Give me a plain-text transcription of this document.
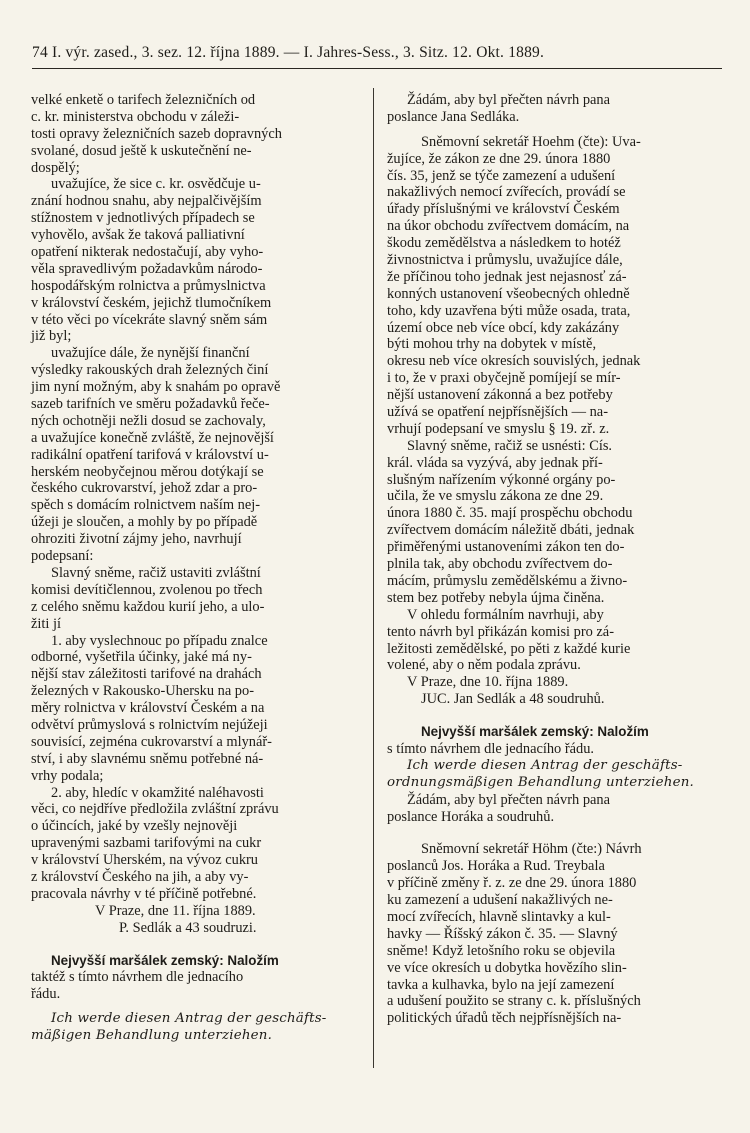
74 I. výr. zased., 3. sez. 12. října 1889. — I. Jahres-Sess., 3. Sitz. 12. Okt. 1889.
velké enketě o tarifech železničních od
c. kr. ministerstva obchodu v záleži-
tosti opravy železničních sazeb dopravných
svolané, dosud ještě k uskutečnění ne-
dospělý;
uvažujíce, že sice c. kr. osvědčuje u-
znání hodnou snahu, aby nejpalčivějším
stížnostem v jednotlivých případech se
vyhovělo, avšak že taková palliativní
opatření nikterak nedostačují, aby vyho-
věla spravedlivým požadavkům národo-
hospodářským rolnictva a průmyslnictva
v království českém, jejichž tlumočníkem
v této věci po vícekráte slavný sněm sám
již byl;
uvažujíce dále, že nynější finanční
výsledky rakouských drah železných činí
jim nyní možným, aby k snahám po opravě
sazeb tarifních ve směru požadavků řeče-
ných ochotněji nežli dosud se zachovaly,
a uvažujíce konečně zvláště, že nejnovější
radikální opatření tarifová v království u-
herském neobyčejnou měrou dotýkají se
českého cukrovarství, jehož zdar a pro-
spěch s domácím rolnictvem naším nej-
úžeji je sloučen, a mohly by po případě
ohroziti životní zájmy jeho, navrhují
podepsaní:
Slavný sněme, račiž ustaviti zvláštní
komisi devítičlennou, zvolenou po třech
z celého sněmu každou kurií jeho, a ulo-
žiti jí
1. aby vyslechnouc po případu znalce
odborné, vyšetřila účinky, jaké má ny-
nější stav záležitosti tarifové na drahách
železných v Rakousko-Uhersku na po-
měry rolnictva v království Českém a na
odvětví průmyslová s rolnictvím nejúžeji
souvisící, zejména cukrovarství a mlynář-
ství, i aby slavnému sněmu potřebné ná-
vrhy podala;
2. aby, hledíc v okamžité naléhavosti
věci, co nejdříve předložila zvláštní zprávu
o účincích, jaké by vzešly nejnověji
upravenými sazbami tarifovými na cukr
v království Uherském, na vývoz cukru
z království Českého na jih, a aby vy-
pracovala návrhy v té příčině potřebné.
V Praze, dne 11. října 1889.
P. Sedlák a 43 soudruzi.
Nejvyšší maršálek zemský: Naložím
taktéž s tímto návrhem dle jednacího
řádu.
Ich werde diesen Antrag der geschäfts-
mäßigen Behandlung unterziehen.
Žádám, aby byl přečten návrh pana
poslance Jana Sedláka.
Sněmovní sekretář Hoehm (čte): Uva-
žujíce, že zákon ze dne 29. února 1880
čís. 35, jenž se týče zamezení a udušení
nakažlivých nemocí zvířecích, provádí se
úřady příslušnými ve království Českém
na úkor obchodu zvířectvem domácím, na
škodu zemědělstva a následkem to hotéž
živnostnictva i průmyslu, uvažujíce dále,
že příčinou toho jednak jest nejasnosť zá-
konných ustanovení všeobecných ohledně
toho, kdy uzavřena býti může osada, trata,
území obce neb více obcí, kdy zakázány
býti mohou trhy na dobytek v místě,
okresu neb více okresích souvislých, jednak
i to, že v praxi obyčejně pomíjejí se mír-
nější ustanovení zákonná a bez potřeby
užívá se opatření nejpřísnějších — na-
vrhují podepsaní ve smyslu § 19. zř. z.
Slavný sněme, račiž se usnésti: Cís.
král. vláda sa vyzývá, aby jednak pří-
slušným nařízením výkonné orgány po-
učila, že ve smyslu zákona ze dne 29.
února 1880 č. 35. mají prospěchu obchodu
zvířectvem domácím náležitě dbáti, jednak
přiměřenými ustanoveními zákon ten do-
plnila tak, aby obchodu zvířectvem do-
mácím, průmyslu zemědělskému a živno-
stem bez potřeby nebyla újma činěna.
V ohledu formálním navrhuji, aby
tento návrh byl přikázán komisi pro zá-
ležitosti zemědělské, po pěti z každé kurie
volené, aby o něm podala zprávu.
V Praze, dne 10. října 1889.
JUC. Jan Sedlák a 48 soudruhů.
Nejvyšší maršálek zemský: Naložím
s tímto návrhem dle jednacího řádu.
Ich werde diesen Antrag der geschäfts-
ordnungsmäßigen Behandlung unterziehen.
Žádám, aby byl přečten návrh pana
poslance Horáka a soudruhů.
Sněmovní sekretář Höhm (čte:) Návrh
poslanců Jos. Horáka a Rud. Treybala
v příčině změny ř. z. ze dne 29. února 1880
ku zamezení a udušení nakažlivých ne-
mocí zvířecích, hlavně slintavky a kul-
havky — Říšský zákon č. 35. — Slavný
sněme! Když letošního roku se objevila
ve více okresích u dobytka hovězího slin-
tavka a kulhavka, bylo na její zamezení
a udušení použito se strany c. k. příslušných
politických úřadů těch nejpřísnějších na-
